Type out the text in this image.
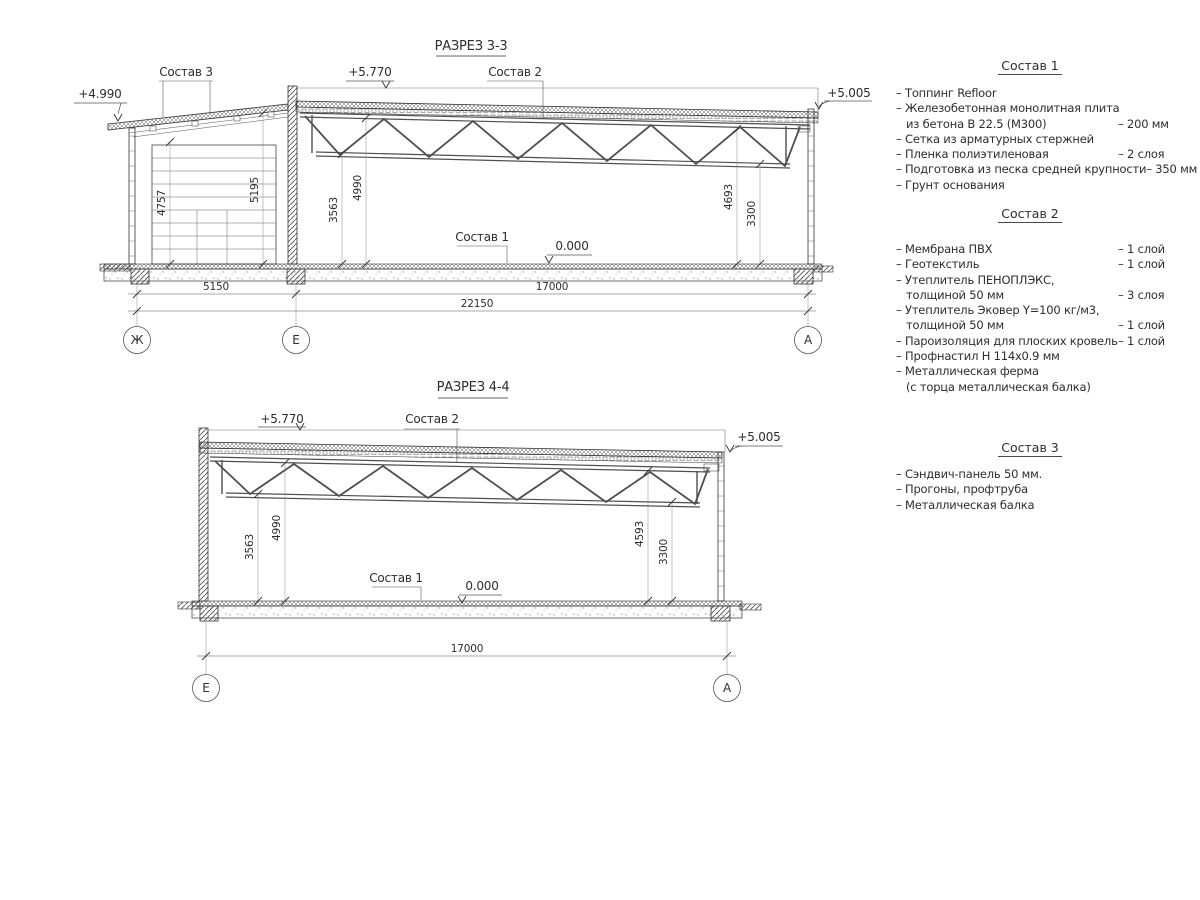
РАЗРЕЗ 3-3
4757
5195
3563
4990	4693
3300
5150	17000
22150
Ж	Е	А
Состав 3	+5.770	Состав 2
+4.990	+5.005
Состав 1
0.000
РАЗРЕЗ 4-4
3563
4990	4593
3300
17000
Е	А
+5.770	Состав 2
+5.005
Состав 1
0.000
Состав 1
– Топпинг Refloor
– Железобетонная монолитная плита
из бетона В 22.5 (М300)	– 200 мм
– Сетка из арматурных стержней
– Пленка полиэтиленовая	– 2 слоя
– Подготовка из песка средней крупности – 350 мм
– Грунт основания
Состав 2
– Мембрана ПВХ	– 1 слой
– Геотекстиль	– 1 слой
– Утеплитель ПЕНОПЛЭКС,
толщиной 50 мм	– 3 слоя
– Утеплитель Эковер Y=100 кг/м3,
толщиной 50 мм	– 1 слой
– Пароизоляция для плоских кровель – 1 слой
– Профнастил Н 114х0.9 мм
– Металлическая ферма
(с торца металлическая балка)
Состав 3
– Сэндвич-панель 50 мм.
– Прогоны, профтруба
– Металлическая балка
